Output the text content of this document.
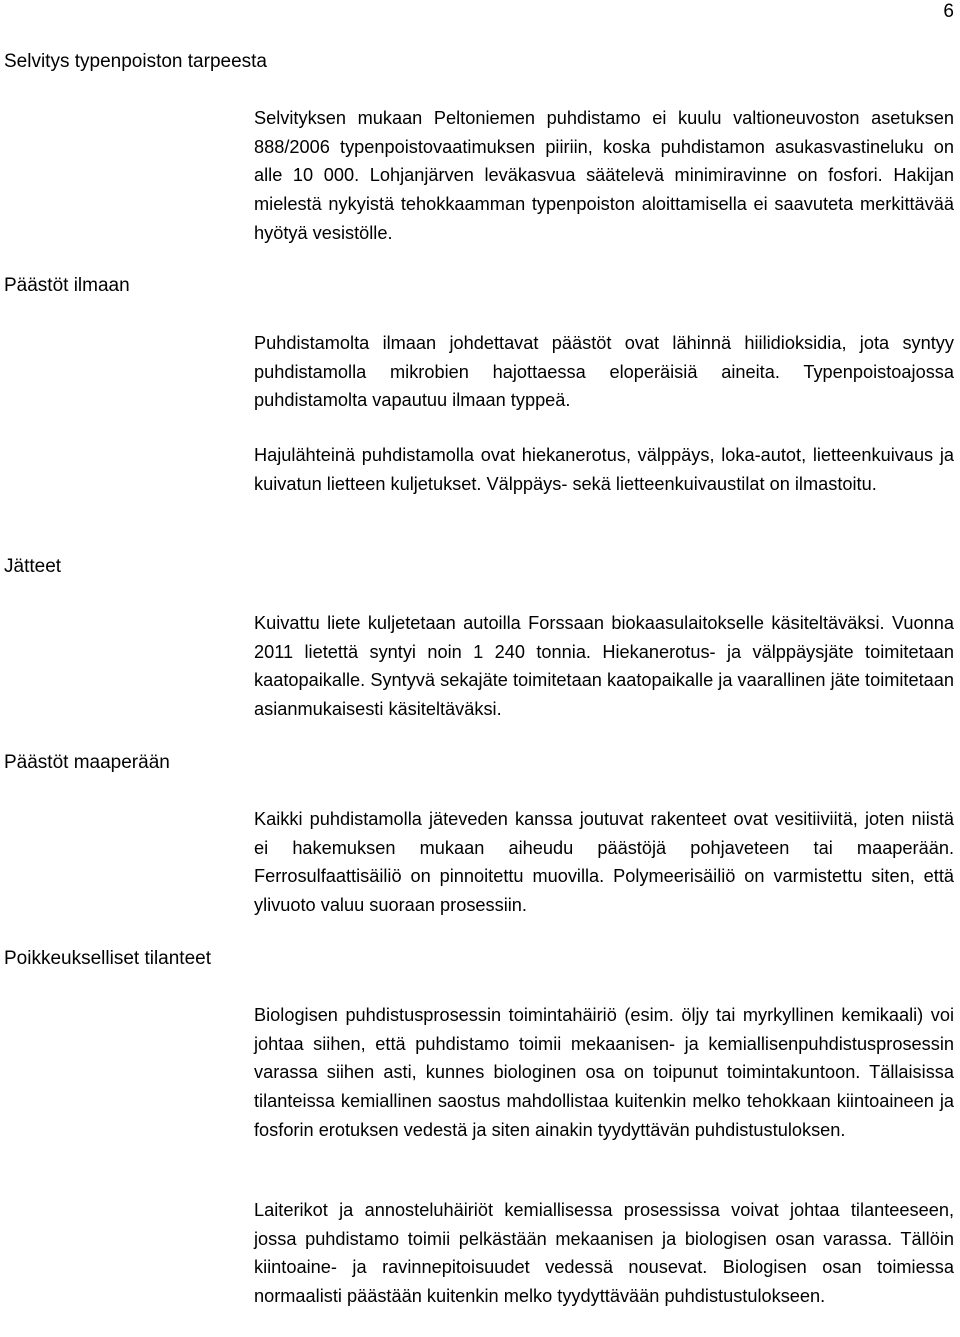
6
Selvitys typenpoiston tarpeesta

Selvityksen mukaan Peltoniemen puhdistamo ei kuulu valtioneuvoston asetuksen 888/2006 typenpoistovaatimuksen piiriin, koska puhdistamon asukasvastineluku on alle 10 000. Lohjanjärven leväkasvua säätelevä minimiravinne on fosfori. Hakijan mielestä nykyistä tehokkaamman typenpoiston aloittamisella ei saavuteta merkittävää hyötyä vesistölle.

Päästöt ilmaan

Puhdistamolta ilmaan johdettavat päästöt ovat lähinnä hiilidioksidia, jota syntyy puhdistamolla mikrobien hajottaessa eloperäisiä aineita. Typenpoistoajossa puhdistamolta vapautuu ilmaan typpeä.

Hajulähteinä puhdistamolla ovat hiekanerotus, välppäys, loka-autot, lietteenkuivaus ja kuivatun lietteen kuljetukset. Välppäys- sekä lietteenkuivaustilat on ilmastoitu.

Jätteet

Kuivattu liete kuljetetaan autoilla Forssaan biokaasulaitokselle käsiteltäväksi. Vuonna 2011 lietettä syntyi noin 1 240 tonnia. Hiekanerotus- ja välppäysjäte toimitetaan kaatopaikalle. Syntyvä sekajäte toimitetaan kaatopaikalle ja vaarallinen jäte toimitetaan asianmukaisesti käsiteltäväksi.

Päästöt maaperään

Kaikki puhdistamolla jäteveden kanssa joutuvat rakenteet ovat vesitiiviitä, joten niistä ei hakemuksen mukaan aiheudu päästöjä pohjaveteen tai maaperään. Ferrosulfaattisäiliö on pinnoitettu muovilla. Polymeerisäiliö on varmistettu siten, että ylivuoto valuu suoraan prosessiin.

Poikkeukselliset tilanteet

Biologisen puhdistusprosessin toimintahäiriö (esim. öljy tai myrkyllinen kemikaali) voi johtaa siihen, että puhdistamo toimii mekaanisen- ja kemiallisenpuhdistusprosessin varassa siihen asti, kunnes biologinen osa on toipunut toimintakuntoon. Tällaisissa tilanteissa kemiallinen saostus mahdollistaa kuitenkin melko tehokkaan kiintoaineen ja fosforin erotuksen vedestä ja siten ainakin tyydyttävän puhdistustuloksen.

Laiterikot ja annosteluhäiriöt kemiallisessa prosessissa voivat johtaa tilanteeseen, jossa puhdistamo toimii pelkästään mekaanisen ja biologisen osan varassa. Tällöin kiintoaine- ja ravinnepitoisuudet vedessä nousevat. Biologisen osan toimiessa normaalisti päästään kuitenkin melko tyydyttävään puhdistustulokseen.
